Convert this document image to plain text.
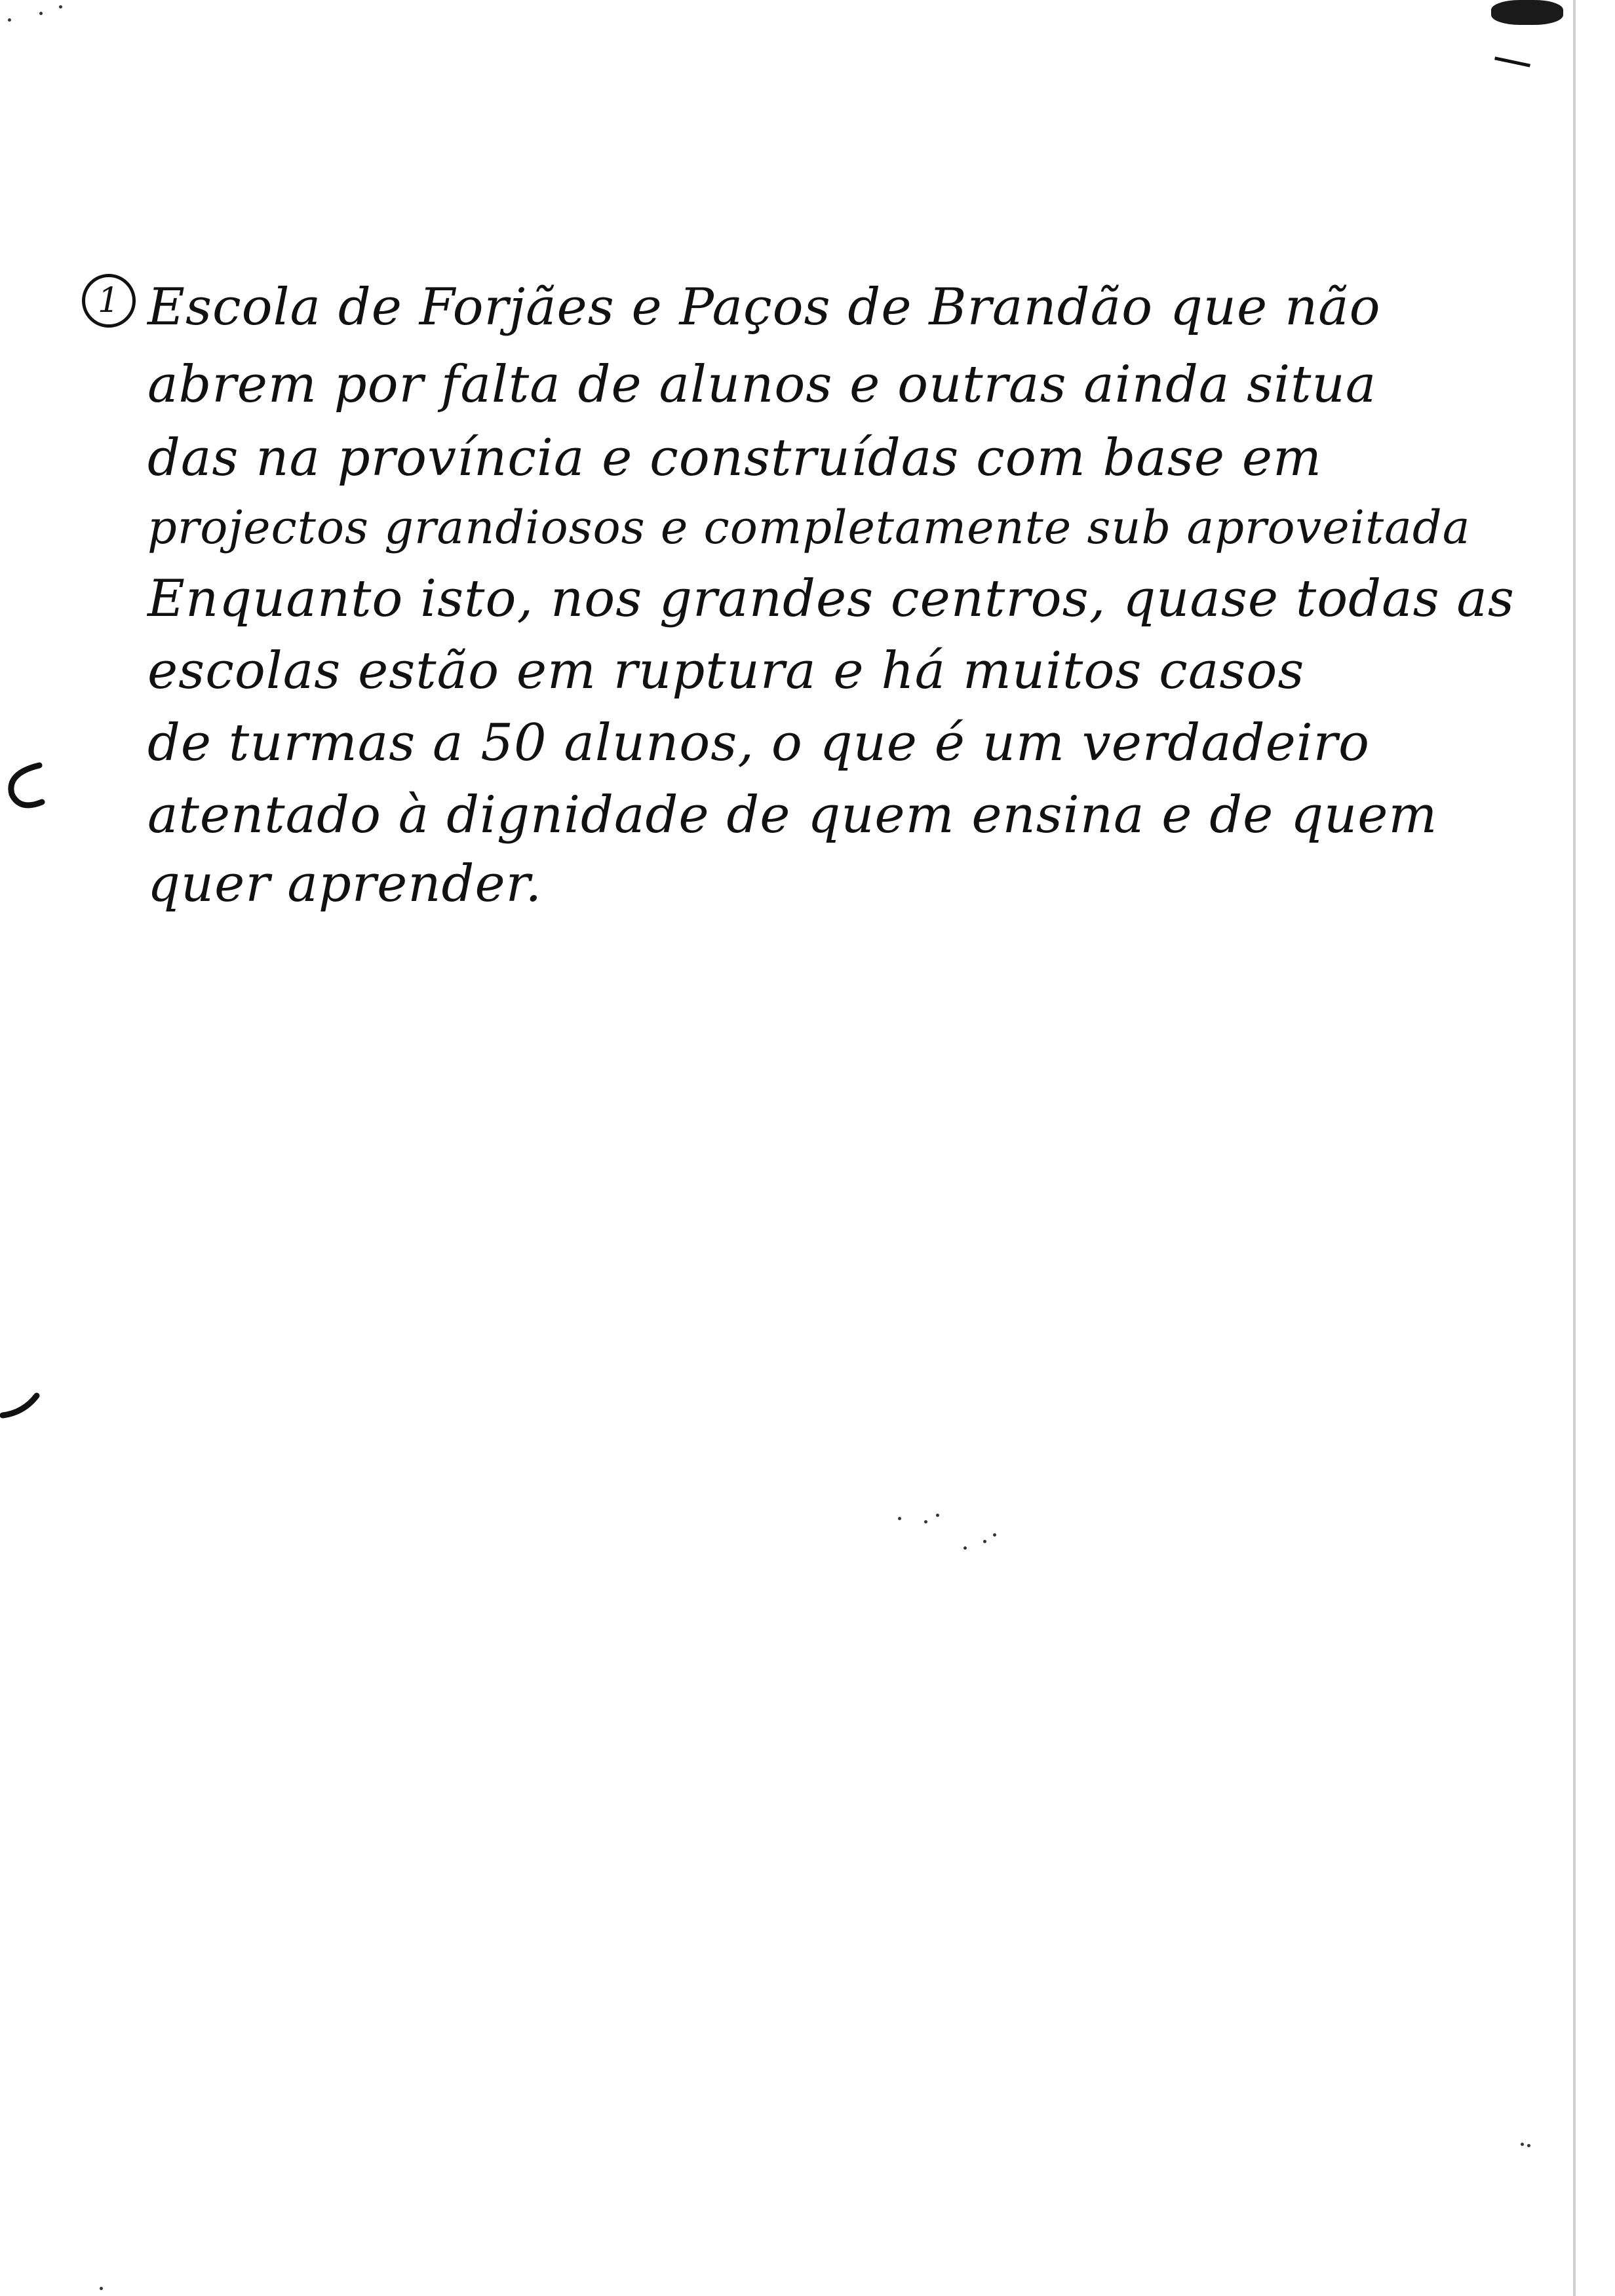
1 Escola de Forjães e Paços de Brandão que não
abrem por falta de alunos e outras ainda situa
das na província e construídas com base em
projectos grandiosos e completamente sub aproveitada
Enquanto isto, nos grandes centros, quase todas as
escolas estão em ruptura e há muitos casos
de turmas a 50 alunos, o que é um verdadeiro
atentado à dignidade de quem ensina e de quem
quer aprender.
